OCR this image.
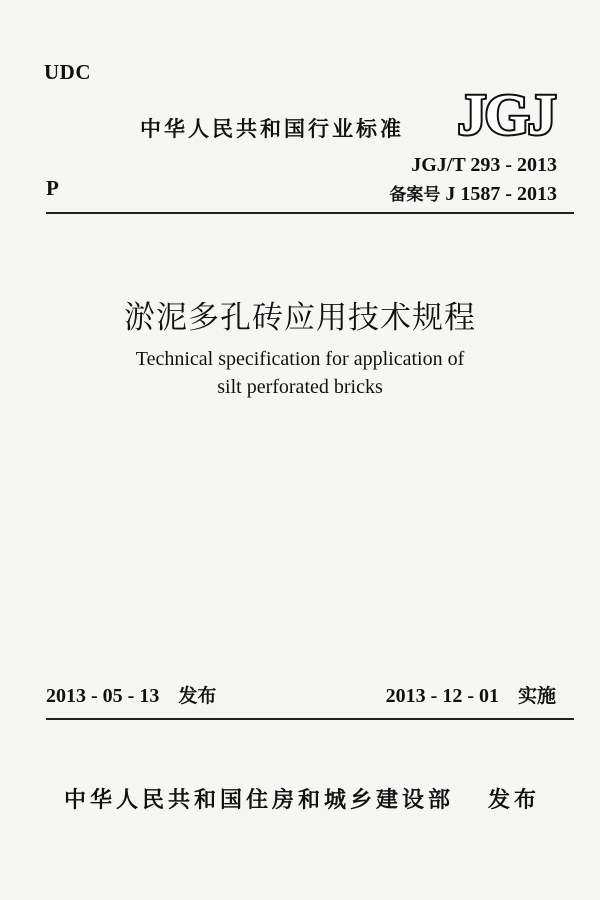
UDC
中华人民共和国行业标准 JGJ
JGJ/T 293 - 2013
备案号 J 1587 - 2013
P
淤泥多孔砖应用技术规程
Technical specification for application of
silt perforated bricks
2013 - 05 - 13 发布	2013 - 12 - 01 实施
中华人民共和国住房和城乡建设部 发布
